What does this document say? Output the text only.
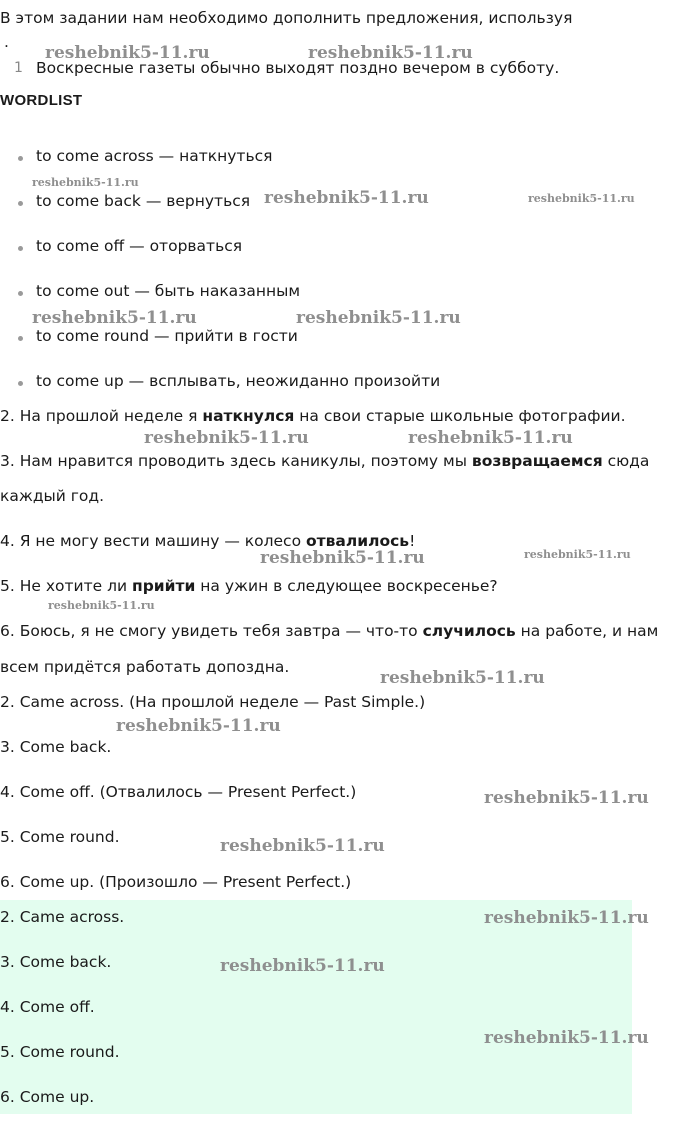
В этом задании нам необходимо дополнить предложения, используя
.
1 Воскресные газеты обычно выходят поздно вечером в субботу.
WORDLIST
to come across — наткнуться
to come back — вернуться
to come off — оторваться
to come out — быть наказанным
to come round — прийти в гости
to come up — всплывать, неожиданно произойти
2. На прошлой неделе я наткнулся на свои старые школьные фотографии.
3. Нам нравится проводить здесь каникулы, поэтому мы возвращаемся сюда
каждый год.
4. Я не могу вести машину — колесо отвалилось!
5. Не хотите ли прийти на ужин в следующее воскресенье?
6. Боюсь, я не смогу увидеть тебя завтра — что-то случилось на работе, и нам
всем придётся работать допоздна.
2. Came across. (На прошлой неделе — Past Simple.)
3. Come back.
4. Come off. (Отвалилось — Present Perfect.)
5. Come round.
6. Come up. (Произошло — Present Perfect.)
2. Came across.
3. Come back.
4. Come off.
5. Come round.
6. Come up.
reshebnik5-11.ru	reshebnik5-11.ru
reshebnik5-11.ru
reshebnik5-11.ru	reshebnik5-11.ru
reshebnik5-11.ru	reshebnik5-11.ru
reshebnik5-11.ru	reshebnik5-11.ru
reshebnik5-11.ru	reshebnik5-11.ru
reshebnik5-11.ru
reshebnik5-11.ru
reshebnik5-11.ru
reshebnik5-11.ru
reshebnik5-11.ru
reshebnik5-11.ru
reshebnik5-11.ru
reshebnik5-11.ru
